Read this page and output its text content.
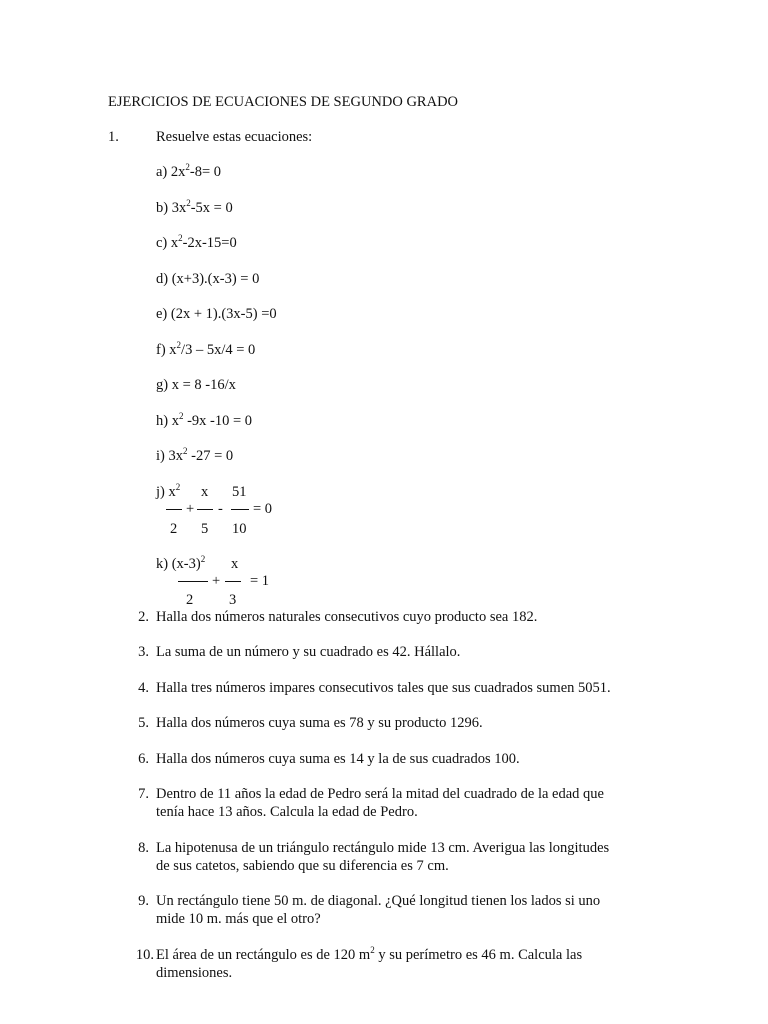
EJERCICIOS DE ECUACIONES DE SEGUNDO GRADO
1.	Resuelve estas ecuaciones:
a) $2x^2-8= 0$
b) $3x^2-5x = 0$
c) $x^2-2x-15=0$
d) (x+3).(x-3) = 0
e) (2x + 1).(3x-5) =0
f) $x^2/3 - 5x/4 = 0$
g) x = 8 -16/x
h) $x^2$ -9x -10 = 0
i) $3x^2$ -27 = 0
j) $x^2$ x 51
+ - = 0
2 5 10
k) $(x-3)^2$ x
+ = 1
2 3
2. Halla dos números naturales consecutivos cuyo producto sea 182.
3. La suma de un número y su cuadrado es 42. Hállalo.
4. Halla tres números impares consecutivos tales que sus cuadrados sumen 5051.
5. Halla dos números cuya suma es 78 y su producto 1296.
6. Halla dos números cuya suma es 14 y la de sus cuadrados 100.
7. Dentro de 11 años la edad de Pedro será la mitad del cuadrado de la edad que
tenía hace 13 años. Calcula la edad de Pedro.
8. La hipotenusa de un triángulo rectángulo mide 13 cm. Averigua las longitudes
de sus catetos, sabiendo que su diferencia es 7 cm.
9. Un rectángulo tiene 50 m. de diagonal. ¿Qué longitud tienen los lados si uno
mide 10 m. más que el otro?
10. El área de un rectángulo es de 120 $m^2$ y su perímetro es 46 m. Calcula las
dimensiones.
